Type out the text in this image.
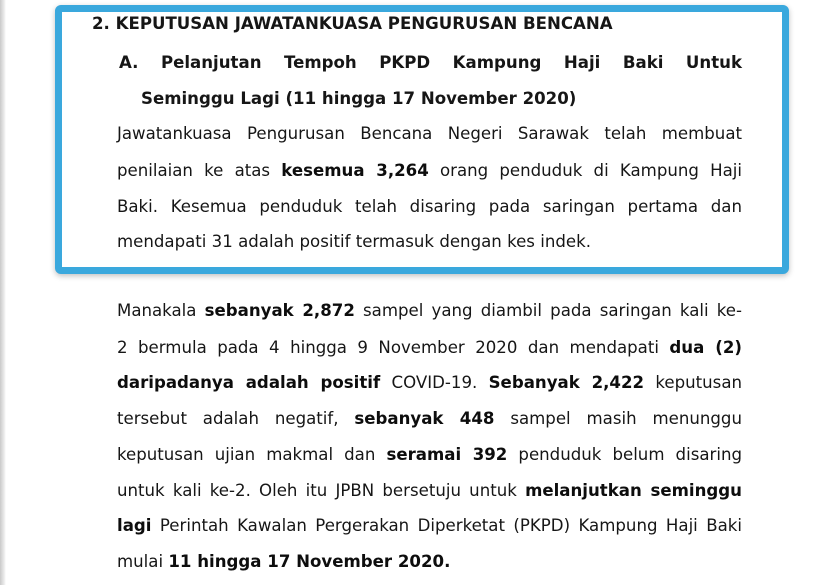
2. KEPUTUSAN JAWATANKUASA PENGURUSAN BENCANA
A. Pelanjutan Tempoh PKPD Kampung Haji Baki Untuk
Seminggu Lagi (11 hingga 17 November 2020)
Jawatankuasa Pengurusan Bencana Negeri Sarawak telah membuat
penilaian ke atas kesemua 3,264 orang penduduk di Kampung Haji
Baki. Kesemua penduduk telah disaring pada saringan pertama dan
mendapati 31 adalah positif termasuk dengan kes indek.
Manakala sebanyak 2,872 sampel yang diambil pada saringan kali ke-
2 bermula pada 4 hingga 9 November 2020 dan mendapati dua (2)
daripadanya adalah positif COVID-19. Sebanyak 2,422 keputusan
tersebut adalah negatif, sebanyak 448 sampel masih menunggu
keputusan ujian makmal dan seramai 392 penduduk belum disaring
untuk kali ke-2. Oleh itu JPBN bersetuju untuk melanjutkan seminggu
lagi Perintah Kawalan Pergerakan Diperketat (PKPD) Kampung Haji Baki
mulai 11 hingga 17 November 2020.
